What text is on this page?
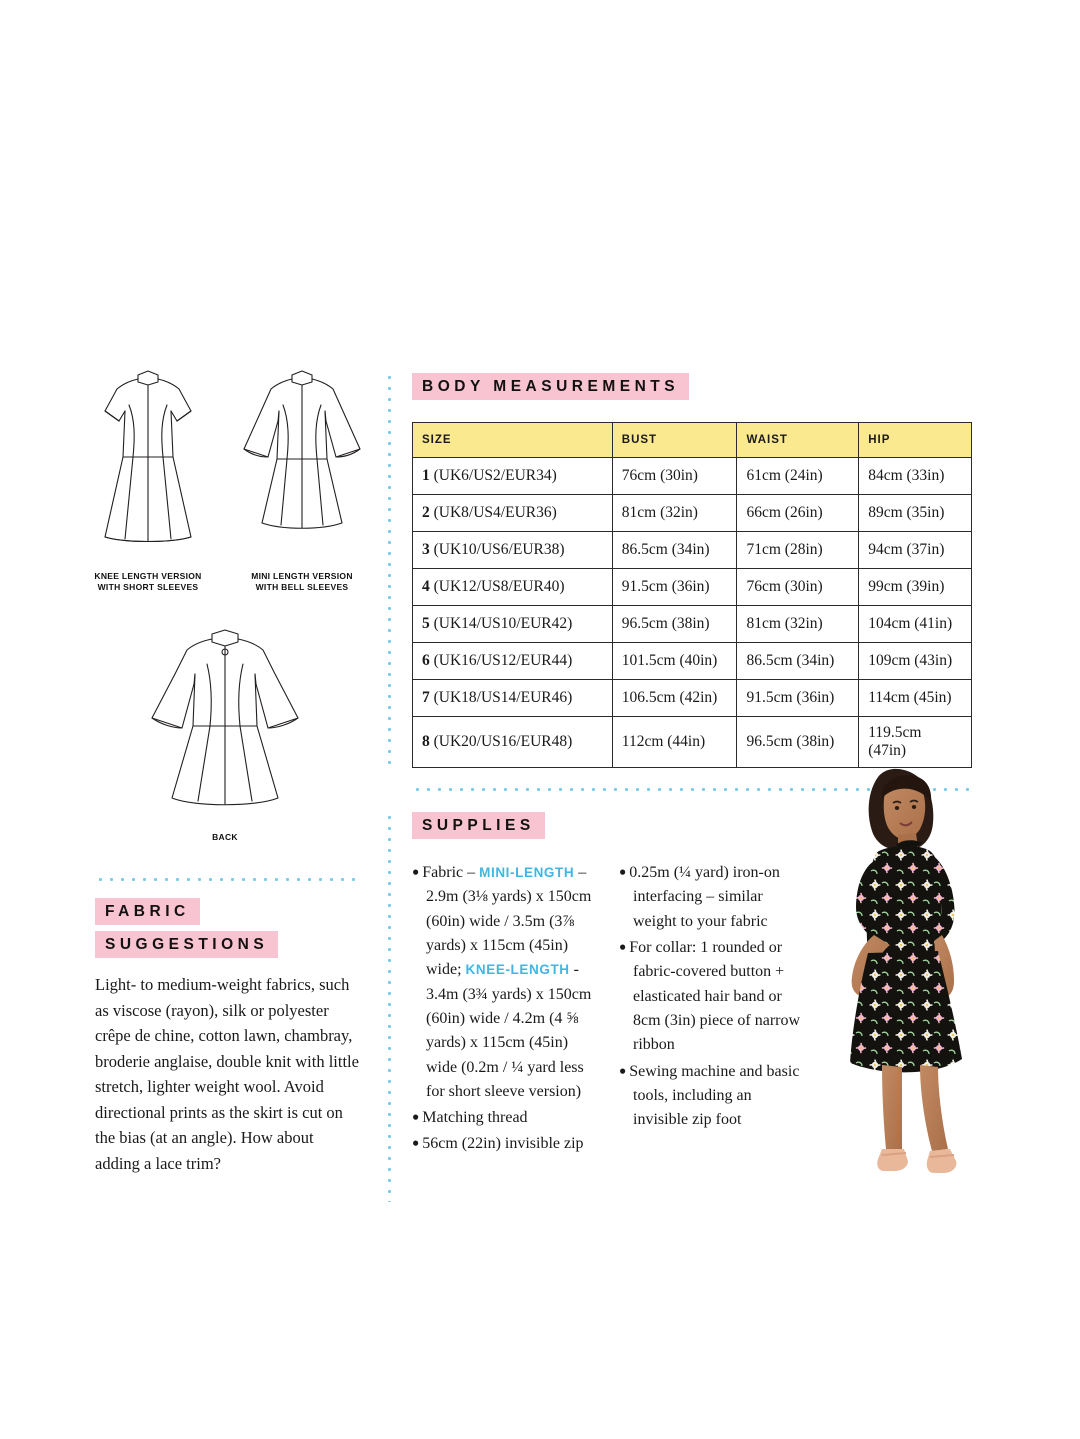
KNEE LENGTH VERSION
WITH SHORT SLEEVES
MINI LENGTH VERSION
WITH BELL SLEEVES
BACK
BODY MEASUREMENTS
SIZE	BUST	WAIST	HIP
1 (UK6/US2/EUR34)	76cm (30in)	61cm (24in)	84cm (33in)
2 (UK8/US4/EUR36)	81cm (32in)	66cm (26in)	89cm (35in)
3 (UK10/US6/EUR38)	86.5cm (34in)	71cm (28in)	94cm (37in)
4 (UK12/US8/EUR40)	91.5cm (36in)	76cm (30in)	99cm (39in)
5 (UK14/US10/EUR42)	96.5cm (38in)	81cm (32in)	104cm (41in)
6 (UK16/US12/EUR44)	101.5cm (40in)	86.5cm (34in)	109cm (43in)
7 (UK18/US14/EUR46)	106.5cm (42in)	91.5cm (36in)	114cm (45in)
8 (UK20/US16/EUR48)	112cm (44in)	96.5cm (38in)	119.5cm (47in)
FABRIC
SUGGESTIONS

Light- to medium-weight fabrics, such as viscose (rayon), silk or polyester crêpe de chine, cotton lawn, chambray, broderie anglaise, double knit with little stretch, lighter weight wool. Avoid directional prints as the skirt is cut on the bias (at an angle). How about adding a lace trim?

SUPPLIES
● Fabric – MINI-LENGTH – 2.9m (3⅛ yards) x 150cm (60in) wide / 3.5m (3⅞ yards) x 115cm (45in) wide; KNEE-LENGTH - 3.4m (3¾ yards) x 150cm (60in) wide / 4.2m (4 ⅝ yards) x 115cm (45in) wide (0.2m / ¼ yard less for short sleeve version)
● Matching thread
● 56cm (22in) invisible zip
● 0.25m (¼ yard) iron-on interfacing – similar weight to your fabric
● For collar: 1 rounded or fabric-covered button + elasticated hair band or 8cm (3in) piece of narrow ribbon
● Sewing machine and basic tools, including an invisible zip foot
